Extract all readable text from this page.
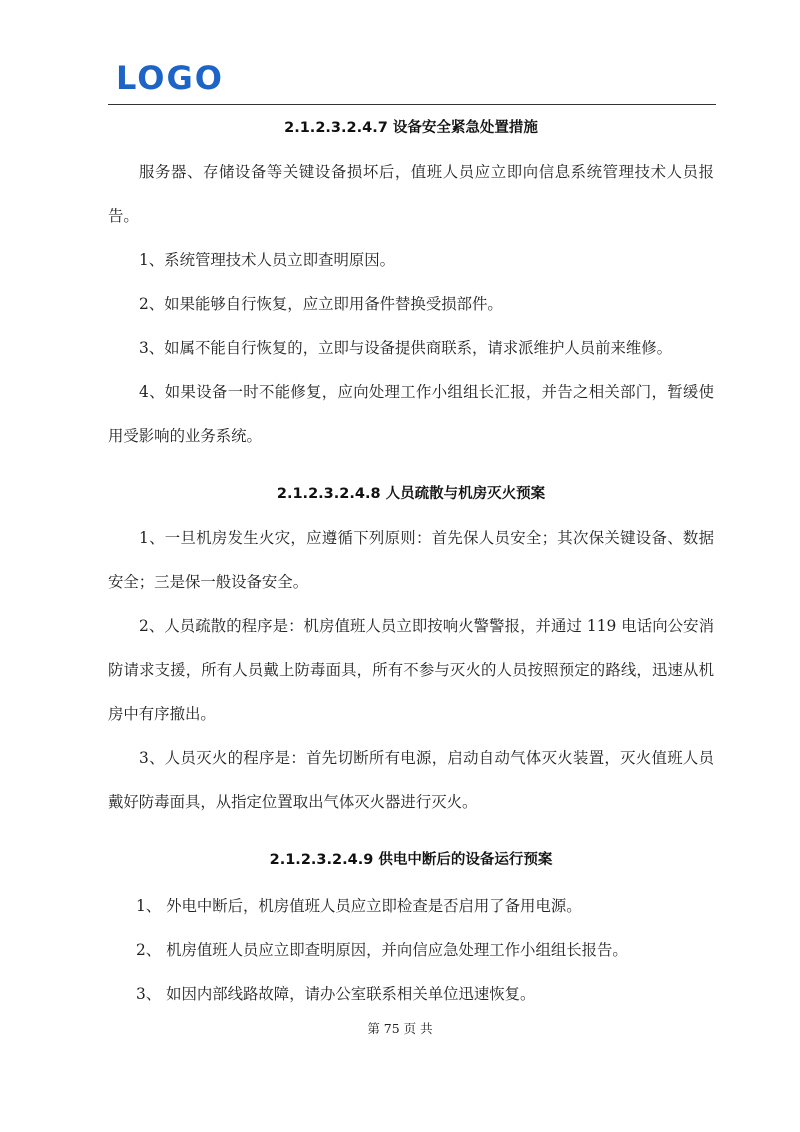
LOGO
2.1.2.3.2.4.7 设备安全紧急处置措施
服务器、存储设备等关键设备损坏后，值班人员应立即向信息系统管理技术人员报告。
1、系统管理技术人员立即查明原因。
2、如果能够自行恢复，应立即用备件替换受损部件。
3、如属不能自行恢复的，立即与设备提供商联系，请求派维护人员前来维修。
4、如果设备一时不能修复，应向处理工作小组组长汇报，并告之相关部门，暂缓使用受影响的业务系统。
2.1.2.3.2.4.8 人员疏散与机房灭火预案
1、一旦机房发生火灾，应遵循下列原则：首先保人员安全；其次保关键设备、数据安全；三是保一般设备安全。
2、人员疏散的程序是：机房值班人员立即按响火警警报，并通过 119 电话向公安消防请求支援，所有人员戴上防毒面具，所有不参与灭火的人员按照预定的路线，迅速从机房中有序撤出。
3、人员灭火的程序是：首先切断所有电源，启动自动气体灭火装置，灭火值班人员戴好防毒面具，从指定位置取出气体灭火器进行灭火。
2.1.2.3.2.4.9 供电中断后的设备运行预案
1、 外电中断后，机房值班人员应立即检查是否启用了备用电源。
2、 机房值班人员应立即查明原因，并向信应急处理工作小组组长报告。
3、 如因内部线路故障，请办公室联系相关单位迅速恢复。
第 75 页 共
